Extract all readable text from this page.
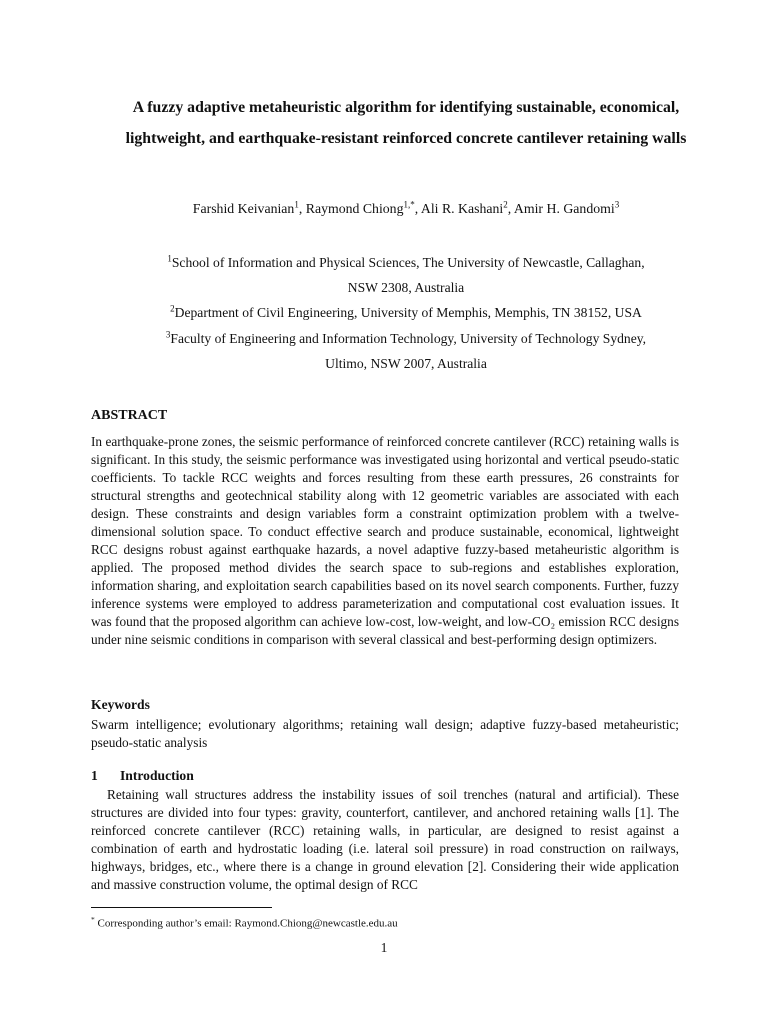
A fuzzy adaptive metaheuristic algorithm for identifying sustainable, economical, lightweight, and earthquake-resistant reinforced concrete cantilever retaining walls
Farshid Keivanian$^1$, Raymond Chiong$^{1,*}$, Ali R. Kashani$^2$, Amir H. Gandomi$^3$
$^1$School of Information and Physical Sciences, The University of Newcastle, Callaghan,
NSW 2308, Australia
$^2$Department of Civil Engineering, University of Memphis, Memphis, TN 38152, USA
$^3$Faculty of Engineering and Information Technology, University of Technology Sydney,
Ultimo, NSW 2007, Australia
ABSTRACT

In earthquake-prone zones, the seismic performance of reinforced concrete cantilever (RCC) retaining walls is significant. In this study, the seismic performance was investigated using horizontal and vertical pseudo-static coefficients. To tackle RCC weights and forces resulting from these earth pressures, 26 constraints for structural strengths and geotechnical stability along with 12 geometric variables are associated with each design. These constraints and design variables form a constraint optimization problem with a twelve-dimensional solution space. To conduct effective search and produce sustainable, economical, lightweight RCC designs robust against earthquake hazards, a novel adaptive fuzzy-based metaheuristic algorithm is applied. The proposed method divides the search space to sub-regions and establishes exploration, information sharing, and exploitation search capabilities based on its novel search components. Further, fuzzy inference systems were employed to address parameterization and computational cost evaluation issues. It was found that the proposed algorithm can achieve low-cost, low-weight, and low-CO₂ emission RCC designs under nine seismic conditions in comparison with several classical and best-performing design optimizers.

Keywords

Swarm intelligence; evolutionary algorithms; retaining wall design; adaptive fuzzy-based metaheuristic; pseudo-static analysis

1 Introduction

Retaining wall structures address the instability issues of soil trenches (natural and artificial). These structures are divided into four types: gravity, counterfort, cantilever, and anchored retaining walls [1]. The reinforced concrete cantilever (RCC) retaining walls, in particular, are designed to resist against a combination of earth and hydrostatic loading (i.e. lateral soil pressure) in road construction on railways, highways, bridges, etc., where there is a change in ground elevation [2]. Considering their wide application and massive construction volume, the optimal design of RCC

* Corresponding author’s email: Raymond.Chiong@newcastle.edu.au
1
